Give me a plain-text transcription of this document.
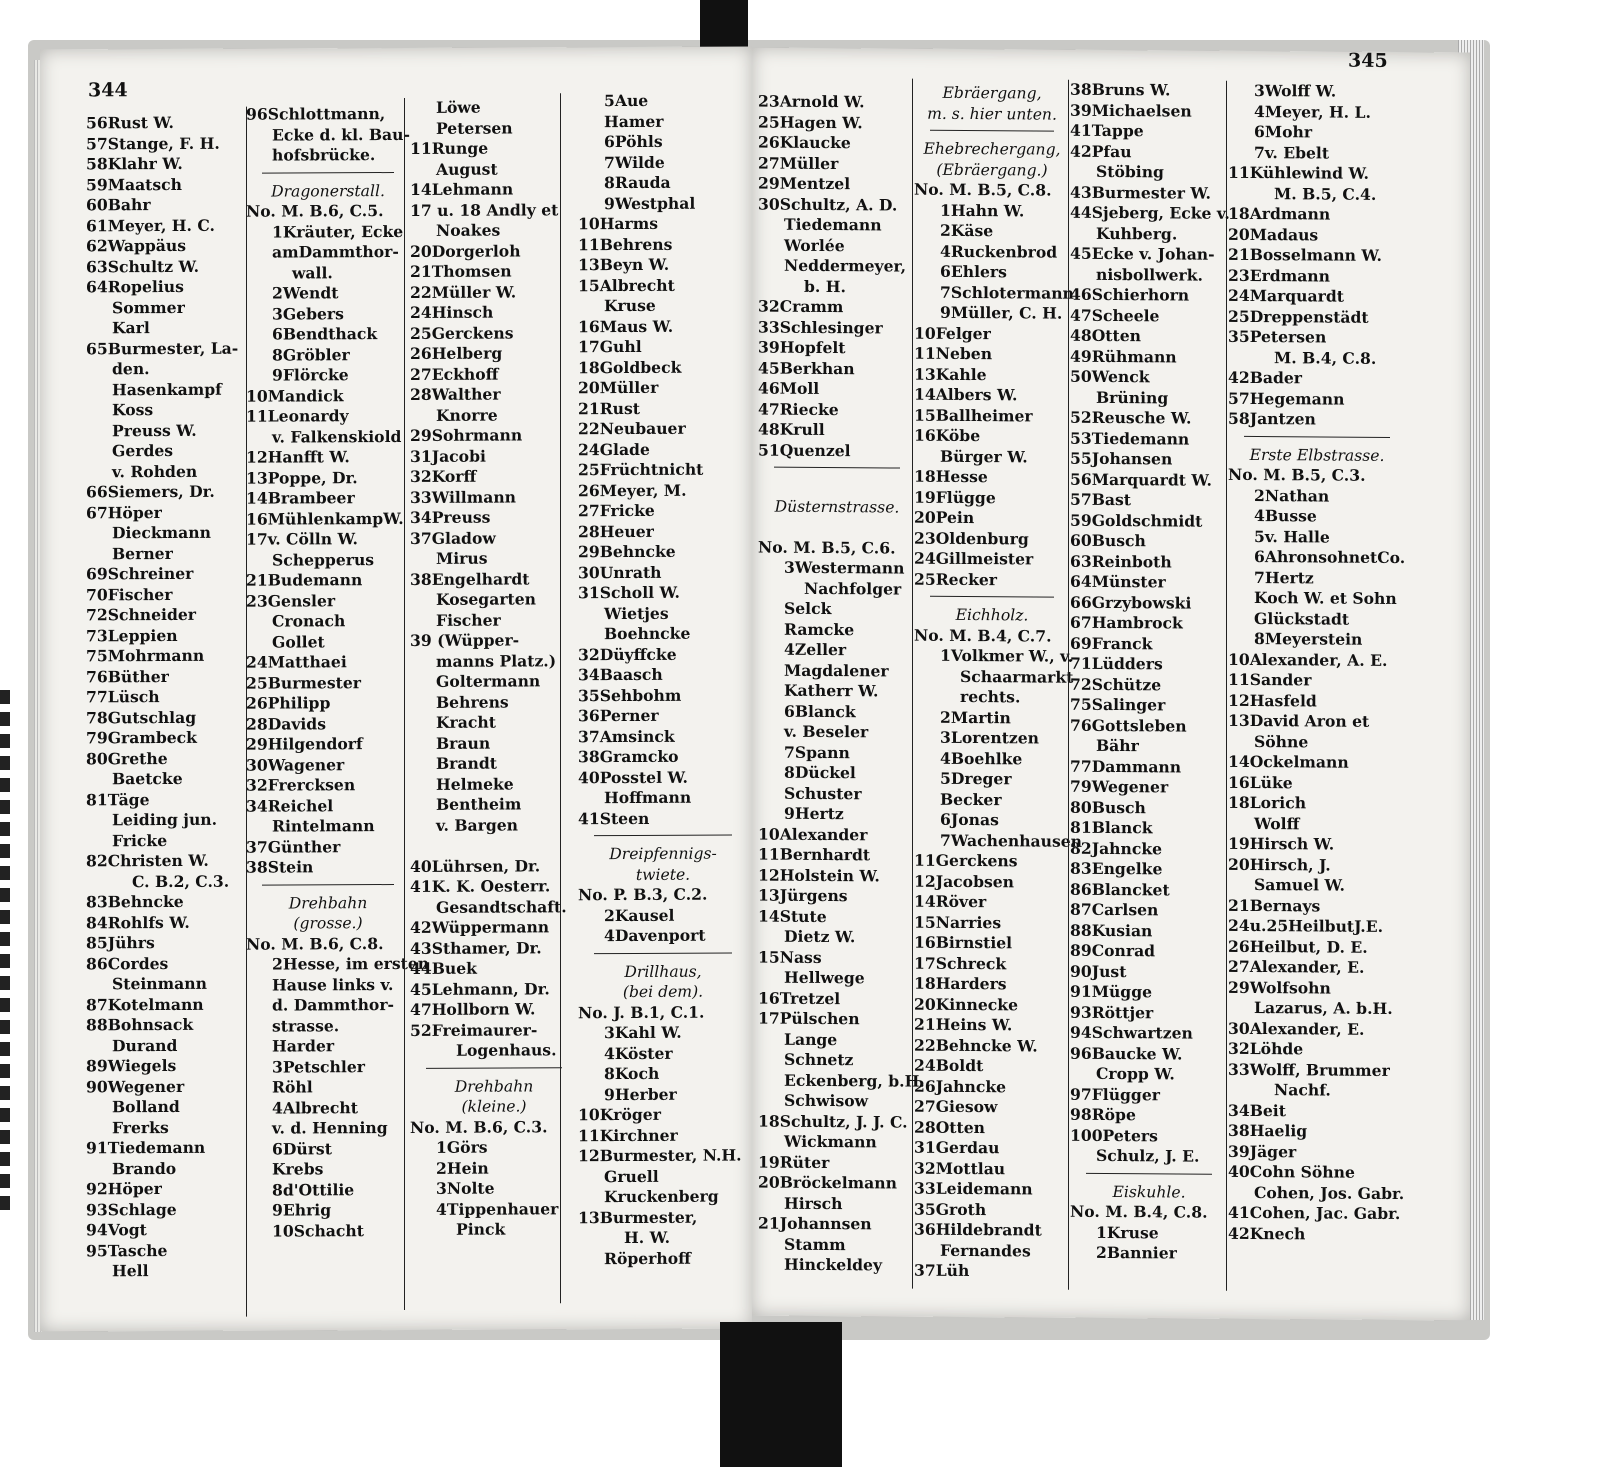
344
56Rust W.
57Stange, F. H.
58Klahr W.
59Maatsch
60Bahr
61Meyer, H. C.
62Wappäus
63Schultz W.
64Ropelius
Sommer
Karl
65Burmester, La-
den.
Hasenkampf
Koss
Preuss W.
Gerdes
v. Rohden
66Siemers, Dr.
67Höper
Dieckmann
Berner
69Schreiner
70Fischer
72Schneider
73Leppien
75Mohrmann
76Büther
77Lüsch
78Gutschlag
79Grambeck
80Grethe
Baetcke
81Täge
Leiding jun.
Fricke
82Christen W.
C. B.2, C.3.
83Behncke
84Rohlfs W.
85Jührs
86Cordes
Steinmann
87Kotelmann
88Bohnsack
Durand
89Wiegels
90Wegener
Bolland
Frerks
91Tiedemann
Brando
92Höper
93Schlage
94Vogt
95Tasche
Hell
96Schlottmann,
Ecke d. kl. Bau-
hofsbrücke.
Dragonerstall.
No. M. B.6, C.5.
1Kräuter, Ecke
amDammthor-
wall.
2Wendt
3Gebers
6Bendthack
8Gröbler
9Flörcke
10Mandick
11Leonardy
v. Falkenskiold
12Hanfft W.
13Poppe, Dr.
14Brambeer
16MühlenkampW.
17v. Cölln W.
Schepperus
21Budemann
23Gensler
Cronach
Gollet
24Matthaei
25Burmester
26Philipp
28Davids
29Hilgendorf
30Wagener
32Frercksen
34Reichel
Rintelmann
37Günther
38Stein
Drehbahn
(grosse.)
No. M. B.6, C.8.
2Hesse, im ersten
Hause links v.
d. Dammthor-
strasse.
Harder
3Petschler
Röhl
4Albrecht
v. d. Henning
6Dürst
Krebs
8d'Ottilie
9Ehrig
10Schacht
Löwe
Petersen
11Runge
August
14Lehmann
17 u. 18 Andly et
Noakes
20Dorgerloh
21Thomsen
22Müller W.
24Hinsch
25Gerckens
26Helberg
27Eckhoff
28Walther
Knorre
29Sohrmann
31Jacobi
32Korff
33Willmann
34Preuss
37Gladow
Mirus
38Engelhardt
Kosegarten
Fischer
39 (Wüpper-
manns Platz.)
Goltermann
Behrens
Kracht
Braun
Brandt
Helmeke
Bentheim
v. Bargen

40Lührsen, Dr.
41K. K. Oesterr.
Gesandtschaft.
42Wüppermann
43Sthamer, Dr.
44Buek
45Lehmann, Dr.
47Hollborn W.
52Freimaurer-
Logenhaus.
Drehbahn
(kleine.)
No. M. B.6, C.3.
1Görs
2Hein
3Nolte
4Tippenhauer
Pinck
5Aue
Hamer
6Pöhls
7Wilde
8Rauda
9Westphal
10Harms
11Behrens
13Beyn W.
15Albrecht
Kruse
16Maus W.
17Guhl
18Goldbeck
20Müller
21Rust
22Neubauer
24Glade
25Früchtnicht
26Meyer, M.
27Fricke
28Heuer
29Behncke
30Unrath
31Scholl W.
Wietjes
Boehncke
32Düyffcke
34Baasch
35Sehbohm
36Perner
37Amsinck
38Gramcko
40Posstel W.
Hoffmann
41Steen
Dreipfennigs-
twiete.
No. P. B.3, C.2.
2Kausel
4Davenport
Drillhaus,
(bei dem).
No. J. B.1, C.1.
3Kahl W.
4Köster
8Koch
9Herber
10Kröger
11Kirchner
12Burmester, N.H.
Gruell
Kruckenberg
13Burmester,
H. W.
Röperhoff
345
23Arnold W.
25Hagen W.
26Klaucke
27Müller
29Mentzel
30Schultz, A. D.
Tiedemann
Worlée
Neddermeyer,
b. H.
32Cramm
33Schlesinger
39Hopfelt
45Berkhan
46Moll
47Riecke
48Krull
51Quenzel

Düsternstrasse.

No. M. B.5, C.6.
3Westermann
Nachfolger
Selck
Ramcke
4Zeller
Magdalener
Katherr W.
6Blanck
v. Beseler
7Spann
8Dückel
Schuster
9Hertz
10Alexander
11Bernhardt
12Holstein W.
13Jürgens
14Stute
Dietz W.
15Nass
Hellwege
16Tretzel
17Pülschen
Lange
Schnetz
Eckenberg, b.H.
Schwisow
18Schultz, J. J. C.
Wickmann
19Rüter
20Bröckelmann
Hirsch
21Johannsen
Stamm
Hinckeldey
Ebräergang,
m. s. hier unten.
Ehebrechergang,
(Ebräergang.)
No. M. B.5, C.8.
1Hahn W.
2Käse
4Ruckenbrod
6Ehlers
7Schlotermann
9Müller, C. H.
10Felger
11Neben
13Kahle
14Albers W.
15Ballheimer
16Köbe
Bürger W.
18Hesse
19Flügge
20Pein
23Oldenburg
24Gillmeister
25Recker
Eichholz.
No. M. B.4, C.7.
1Volkmer W., v.
Schaarmarkt
rechts.
2Martin
3Lorentzen
4Boehlke
5Dreger
Becker
6Jonas
7Wachenhausen
11Gerckens
12Jacobsen
14Röver
15Narries
16Birnstiel
17Schreck
18Harders
20Kinnecke
21Heins W.
22Behncke W.
24Boldt
26Jahncke
27Giesow
28Otten
31Gerdau
32Mottlau
33Leidemann
35Groth
36Hildebrandt
Fernandes
37Lüh
38Bruns W.
39Michaelsen
41Tappe
42Pfau
Stöbing
43Burmester W.
44Sjeberg, Ecke v.
Kuhberg.
45Ecke v. Johan-
nisbollwerk.
46Schierhorn
47Scheele
48Otten
49Rühmann
50Wenck
Brüning
52Reusche W.
53Tiedemann
55Johansen
56Marquardt W.
57Bast
59Goldschmidt
60Busch
63Reinboth
64Münster
66Grzybowski
67Hambrock
69Franck
71Lüdders
72Schütze
75Salinger
76Gottsleben
Bähr
77Dammann
79Wegener
80Busch
81Blanck
82Jahncke
83Engelke
86Blancket
87Carlsen
88Kusian
89Conrad
90Just
91Mügge
93Röttjer
94Schwartzen
96Baucke W.
Cropp W.
97Flügger
98Röpe
100Peters
Schulz, J. E.
Eiskuhle.
No. M. B.4, C.8.
1Kruse
2Bannier
3Wolff W.
4Meyer, H. L.
6Mohr
7v. Ebelt
11Kühlewind W.
M. B.5, C.4.
18Ardmann
20Madaus
21Bosselmann W.
23Erdmann
24Marquardt
25Dreppenstädt
35Petersen
M. B.4, C.8.
42Bader
57Hegemann
58Jantzen
Erste Elbstrasse.
No. M. B.5, C.3.
2Nathan
4Busse
5v. Halle
6AhronsohnetCo.
7Hertz
Koch W. et Sohn
Glückstadt
8Meyerstein
10Alexander, A. E.
11Sander
12Hasfeld
13David Aron et
Söhne
14Ockelmann
16Lüke
18Lorich
Wolff
19Hirsch W.
20Hirsch, J.
Samuel W.
21Bernays
24u.25HeilbutJ.E.
26Heilbut, D. E.
27Alexander, E.
29Wolfsohn
Lazarus, A. b.H.
30Alexander, E.
32Löhde
33Wolff, Brummer
Nachf.
34Beit
38Haelig
39Jäger
40Cohn Söhne
Cohen, Jos. Gabr.
41Cohen, Jac. Gabr.
42Knech
